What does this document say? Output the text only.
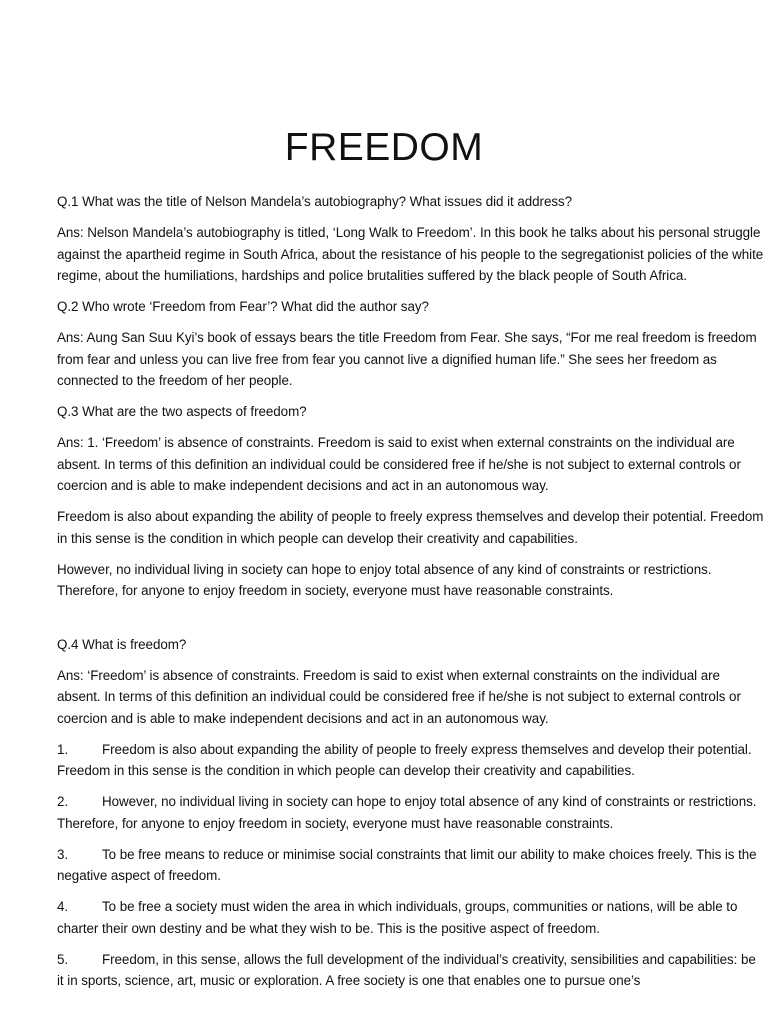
FREEDOM

Q.1 What was the title of Nelson Mandela’s autobiography? What issues did it address?

Ans: Nelson Mandela’s autobiography is titled, ‘Long Walk to Freedom’. In this book he talks about his personal struggle against the apartheid regime in South Africa, about the resistance of his people to the segregationist policies of the white regime, about the humiliations, hardships and police brutalities suffered by the black people of South Africa.

Q.2 Who wrote ‘Freedom from Fear’? What did the author say?

Ans: Aung San Suu Kyi’s book of essays bears the title Freedom from Fear. She says, “For me real freedom is freedom from fear and unless you can live free from fear you cannot live a dignified human life.” She sees her freedom as connected to the freedom of her people.

Q.3 What are the two aspects of freedom?

Ans: 1. ‘Freedom’ is absence of constraints. Freedom is said to exist when external constraints on the individual are absent. In terms of this definition an individual could be considered free if he/she is not subject to external controls or coercion and is able to make independent decisions and act in an autonomous way.

Freedom is also about expanding the ability of people to freely express themselves and develop their potential. Freedom in this sense is the condition in which people can develop their creativity and capabilities.

However, no individual living in society can hope to enjoy total absence of any kind of constraints or restrictions. Therefore, for anyone to enjoy freedom in society, everyone must have reasonable constraints.

Q.4 What is freedom?

Ans: ‘Freedom’ is absence of constraints. Freedom is said to exist when external constraints on the individual are absent. In terms of this definition an individual could be considered free if he/she is not subject to external controls or coercion and is able to make independent decisions and act in an autonomous way.

1.	Freedom is also about expanding the ability of people to freely express themselves and develop their potential. Freedom in this sense is the condition in which people can develop their creativity and capabilities.

2.	However, no individual living in society can hope to enjoy total absence of any kind of constraints or restrictions. Therefore, for anyone to enjoy freedom in society, everyone must have reasonable constraints.

3.	To be free means to reduce or minimise social constraints that limit our ability to make choices freely. This is the negative aspect of freedom.

4.	To be free a society must widen the area in which individuals, groups, communities or nations, will be able to charter their own destiny and be what they wish to be. This is the positive aspect of freedom.

5.	Freedom, in this sense, allows the full development of the individual’s creativity, sensibilities and capabilities: be it in sports, science, art, music or exploration. A free society is one that enables one to pursue one’s
